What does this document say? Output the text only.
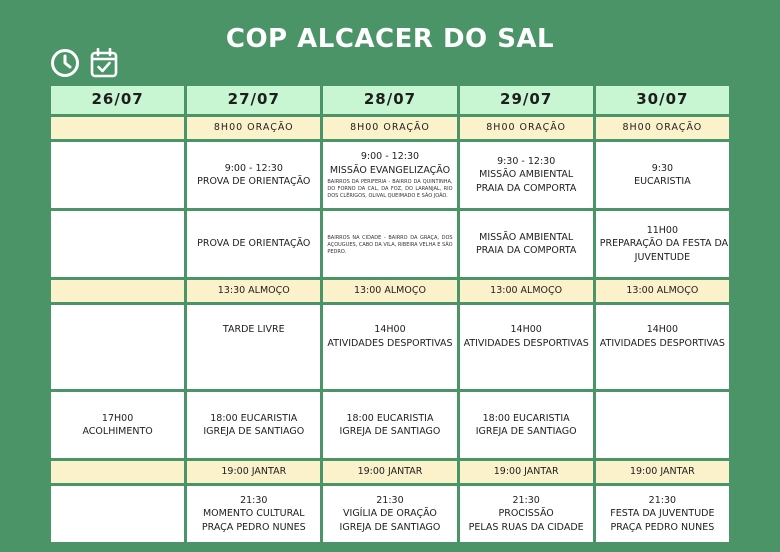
COP ALCACER DO SAL
26/07	27/07	28/07	29/07	30/07
	8H00 ORAÇÃO	8H00 ORAÇÃO	8H00 ORAÇÃO	8H00 ORAÇÃO

	9:00 - 12:30
PROVA DE ORIENTAÇÃO	9:00 - 12:30
MISSÃO EVANGELIZAÇÃO
BAIRROS DA PERIFERIA - BAIRRO DA QUINTINHA, DO FORNO DA CAL, DA FOZ, DO LARANJAL, RIO DOS CLÉRIGOS, OLIVAL QUEIMADO E SÃO JOÃO.	9:30 - 12:30
MISSÃO AMBIENTAL
PRAIA DA COMPORTA	9:30
EUCARISTIA

	PROVA DE ORIENTAÇÃO	BAIRROS NA CIDADE - BAIRRO DA GRAÇA, DOS AÇOUGUES, CABO DA VILA, RIBEIRA VELHA E SÃO PEDRO.	MISSÃO AMBIENTAL
PRAIA DA COMPORTA	11H00
PREPARAÇÃO DA FESTA DA
JUVENTUDE

	13:30 ALMOÇO	13:00 ALMOÇO	13:00 ALMOÇO	13:00 ALMOÇO

	TARDE LIVRE	14H00
ATIVIDADES DESPORTIVAS	14H00
ATIVIDADES DESPORTIVAS	14H00
ATIVIDADES DESPORTIVAS

17H00
ACOLHIMENTO	18:00 EUCARISTIA
IGREJA DE SANTIAGO	18:00 EUCARISTIA
IGREJA DE SANTIAGO	18:00 EUCARISTIA
IGREJA DE SANTIAGO	

	19:00 JANTAR	19:00 JANTAR	19:00 JANTAR	19:00 JANTAR

	21:30
MOMENTO CULTURAL
PRAÇA PEDRO NUNES	21:30
VIGÍLIA DE ORAÇÃO
IGREJA DE SANTIAGO	21:30
PROCISSÃO
PELAS RUAS DA CIDADE	21:30
FESTA DA JUVENTUDE
PRAÇA PEDRO NUNES
